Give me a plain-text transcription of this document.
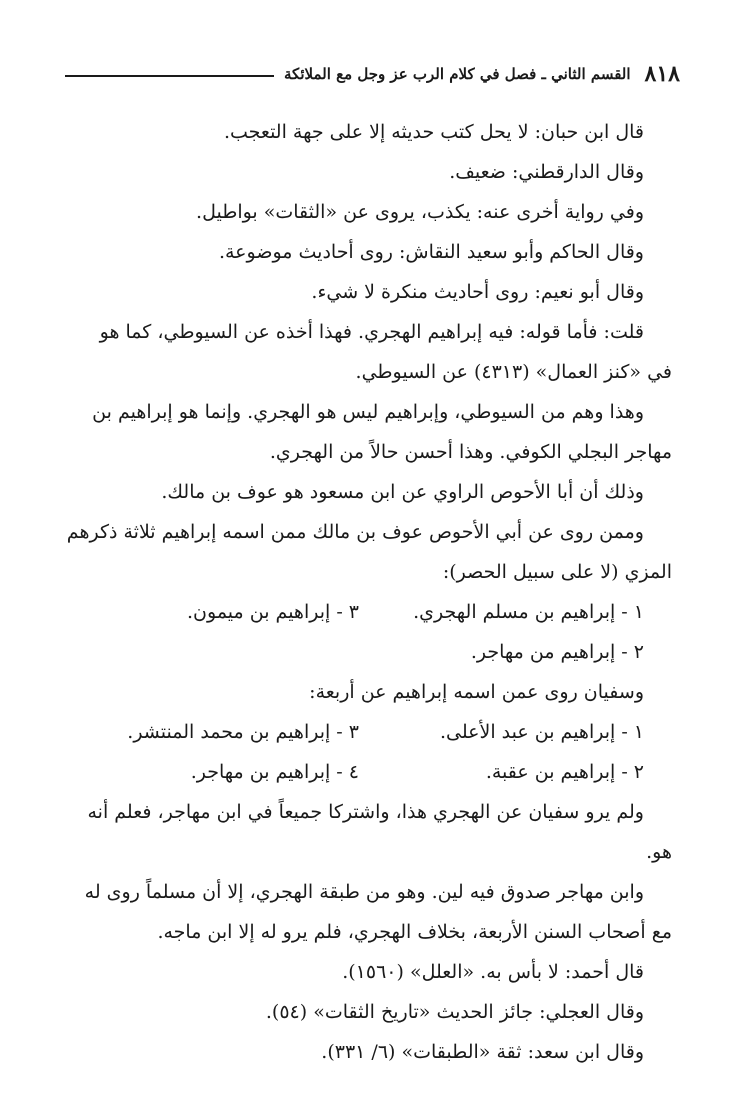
٨١٨
القسم الثاني ـ فصل في كلام الرب عز وجل مع الملائكة
قال ابن حبان: لا يحل كتب حديثه إلا على جهة التعجب.
وقال الدارقطني: ضعيف.
وفي رواية أخرى عنه: يكذب، يروى عن «الثقات» بواطيل.
وقال الحاكم وأبو سعيد النقاش: روى أحاديث موضوعة.
وقال أبو نعيم: روى أحاديث منكرة لا شيء.
قلت: فأما قوله: فيه إبراهيم الهجري. فهذا أخذه عن السيوطي، كما هو
في «كنز العمال» (٤٣١٣) عن السيوطي.
وهذا وهم من السيوطي، وإبراهيم ليس هو الهجري. وإنما هو إبراهيم بن
مهاجر البجلي الكوفي. وهذا أحسن حالاً من الهجري.
وذلك أن أبا الأحوص الراوي عن ابن مسعود هو عوف بن مالك.
وممن روى عن أبي الأحوص عوف بن مالك ممن اسمه إبراهيم ثلاثة ذكرهم
المزي (لا على سبيل الحصر):
١ - إبراهيم بن مسلم الهجري.
٣ - إبراهيم بن ميمون.
٢ - إبراهيم من مهاجر.
وسفيان روى عمن اسمه إبراهيم عن أربعة:
١ - إبراهيم بن عبد الأعلى.
٣ - إبراهيم بن محمد المنتشر.
٢ - إبراهيم بن عقبة.
٤ - إبراهيم بن مهاجر.
ولم يرو سفيان عن الهجري هذا، واشتركا جميعاً في ابن مهاجر، فعلم أنه
هو.
وابن مهاجر صدوق فيه لين. وهو من طبقة الهجري، إلا أن مسلماً روى له
مع أصحاب السنن الأربعة، بخلاف الهجري، فلم يرو له إلا ابن ماجه.
قال أحمد: لا بأس به. «العلل» (١٥٦٠).
وقال العجلي: جائز الحديث «تاريخ الثقات» (٥٤).
وقال ابن سعد: ثقة «الطبقات» (٦/ ٣٣١).
